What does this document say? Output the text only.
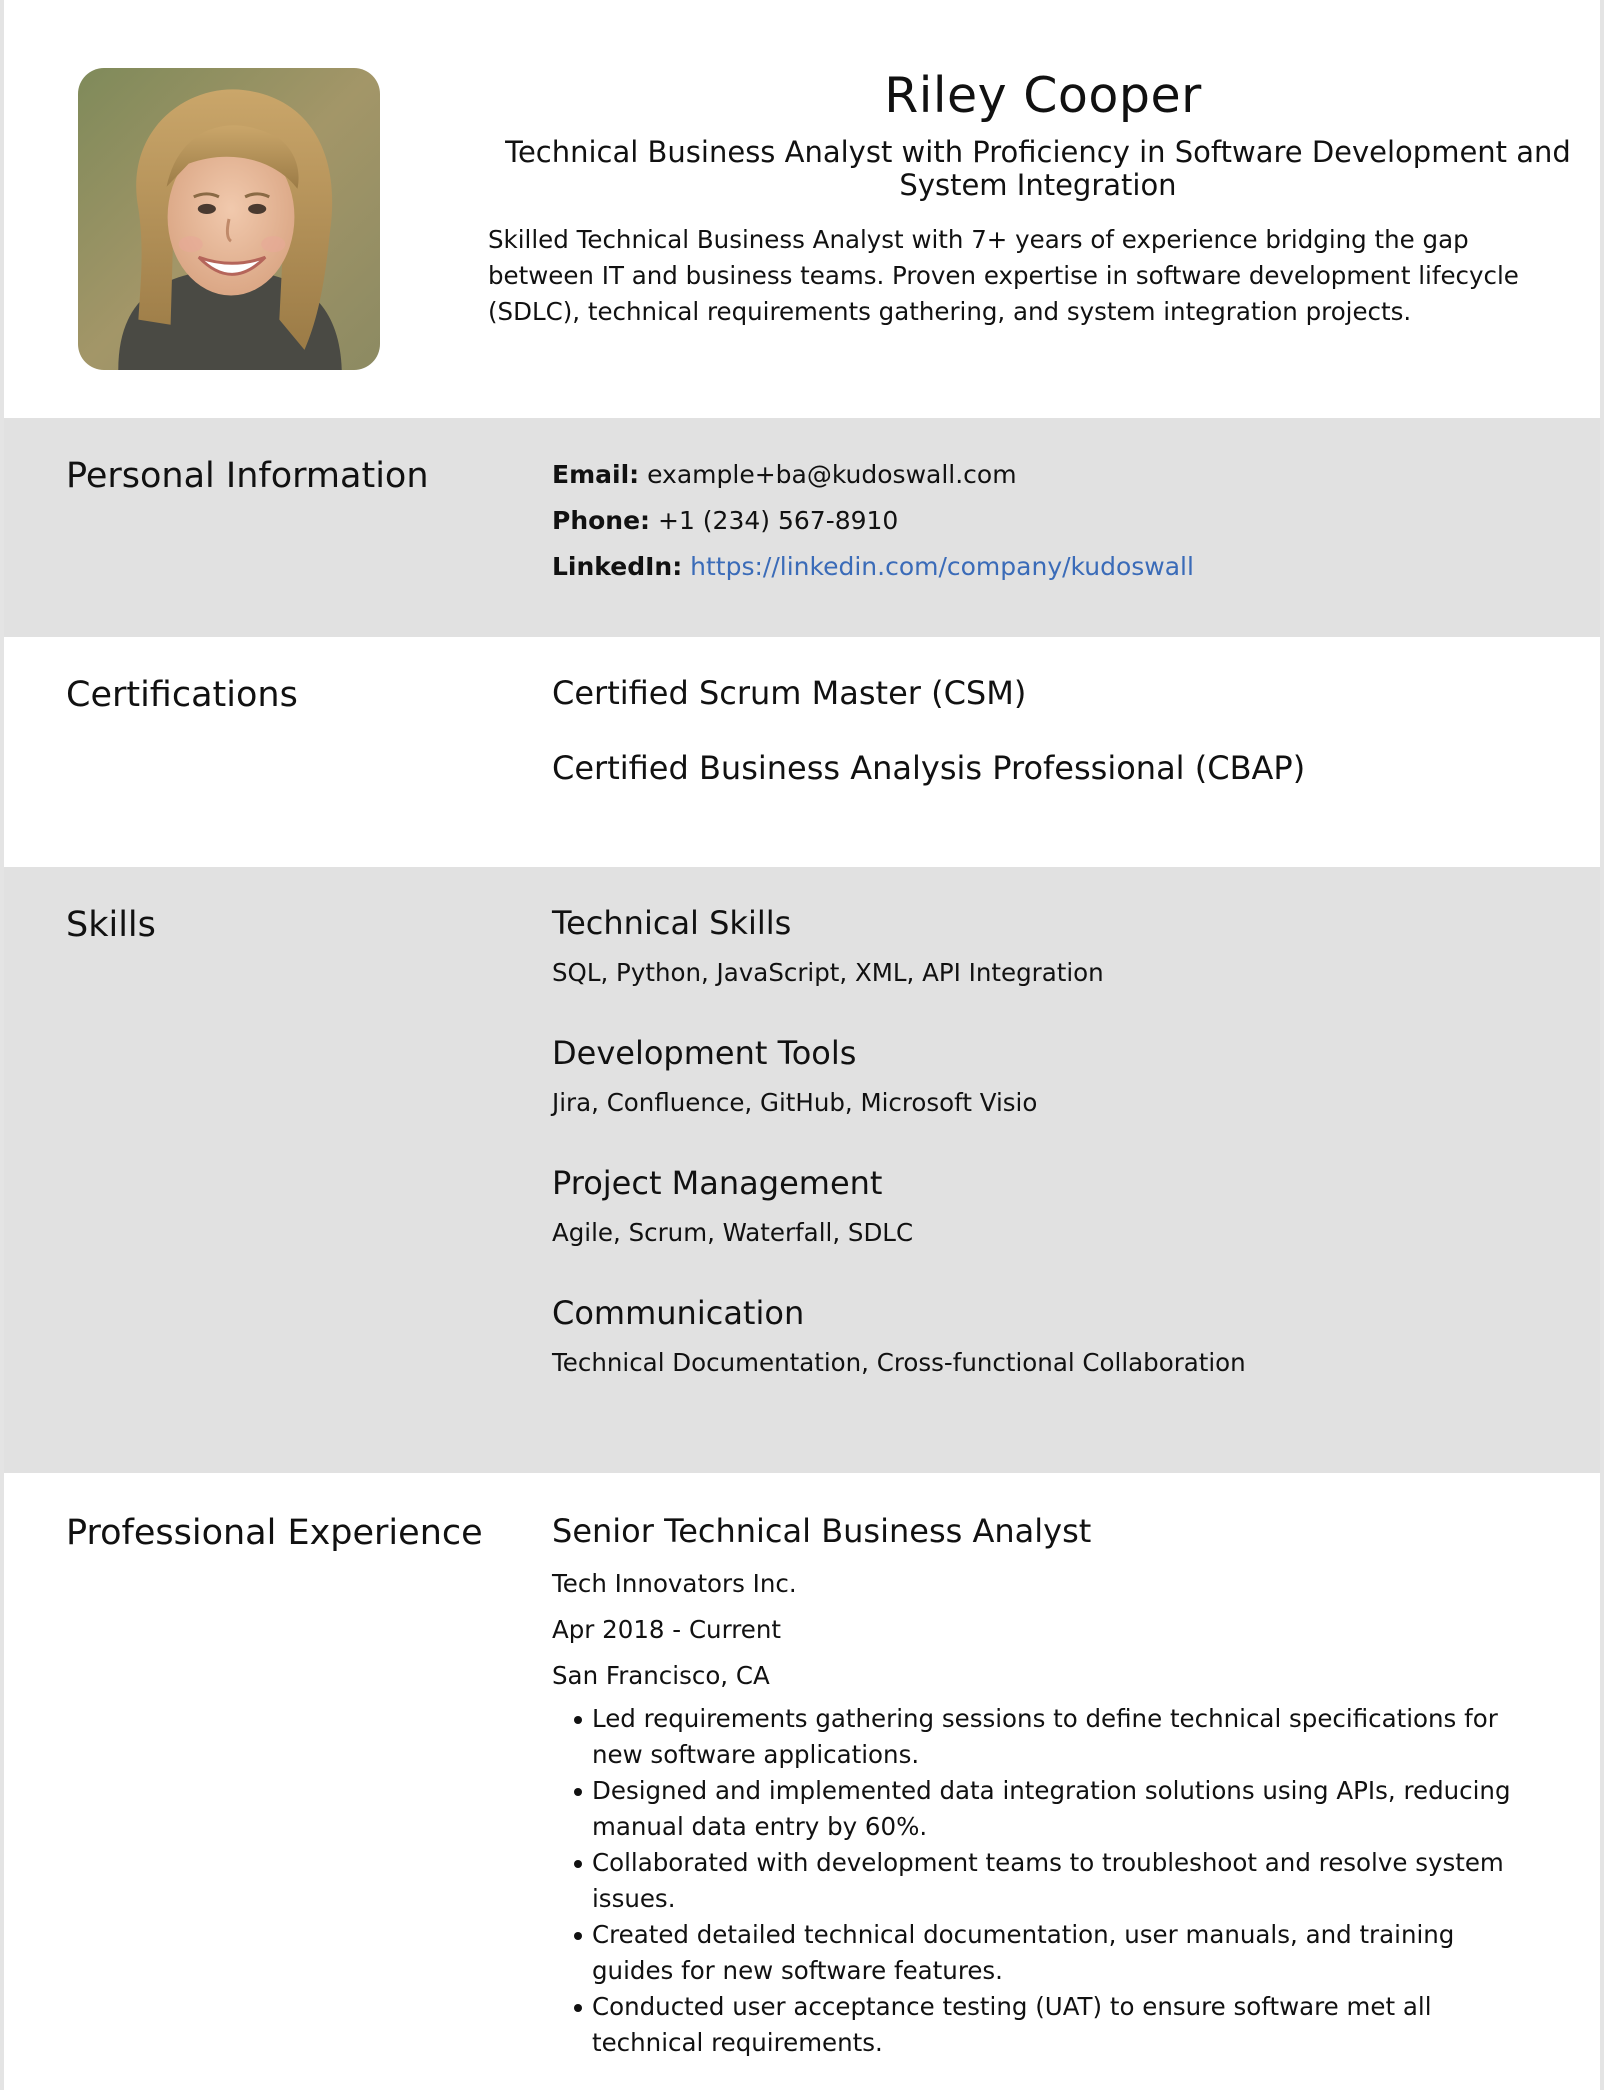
Riley Cooper
Technical Business Analyst with Proficiency in Software Development and System Integration
Skilled Technical Business Analyst with 7+ years of experience bridging the gap between IT and business teams. Proven expertise in software development lifecycle (SDLC), technical requirements gathering, and system integration projects.
Personal Information	Email: example+ba@kudoswall.com
Phone: +1 (234) 567-8910
LinkedIn: https://linkedin.com/company/kudoswall
Certifications	Certified Scrum Master (CSM)
Certified Business Analysis Professional (CBAP)
Skills	Technical Skills
SQL, Python, JavaScript, XML, API Integration
Development Tools
Jira, Confluence, GitHub, Microsoft Visio
Project Management
Agile, Scrum, Waterfall, SDLC
Communication
Technical Documentation, Cross-functional Collaboration
Professional Experience Senior Technical Business Analyst
Tech Innovators Inc.
Apr 2018 - Current
San Francisco, CA
Led requirements gathering sessions to define technical specifications for new software applications.
Designed and implemented data integration solutions using APIs, reducing manual data entry by 60%.
Collaborated with development teams to troubleshoot and resolve system issues.
Created detailed technical documentation, user manuals, and training guides for new software features.
Conducted user acceptance testing (UAT) to ensure software met all technical requirements.
